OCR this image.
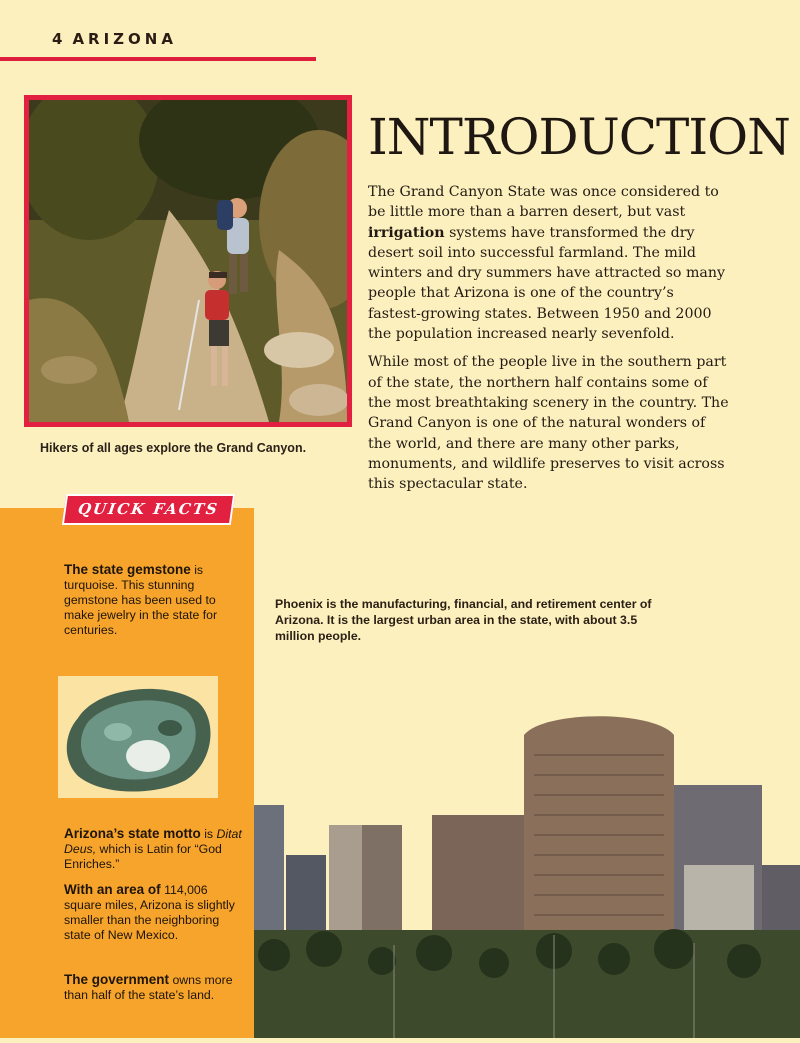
4 ARIZONA
Hikers of all ages explore the Grand Canyon.
INTRODUCTION

The Grand Canyon State was once considered to be little more than a barren desert, but vast irrigation systems have transformed the dry desert soil into successful farmland. The mild winters and dry summers have attracted so many people that Arizona is one of the country’s fastest-growing states. Between 1950 and 2000 the population increased nearly sevenfold.

While most of the people live in the southern part of the state, the northern half contains some of the most breathtaking scenery in the country. The Grand Canyon is one of the natural wonders of the world, and there are many other parks, monuments, and wildlife preserves to visit across this spectacular state.

QUICK FACTS
The state gemstone is turquoise. This stunning gemstone has been used to make jewelry in the state for centuries.
Arizona’s state motto is Ditat Deus, which is Latin for “God Enriches.”
With an area of 114,006 square miles, Arizona is slightly smaller than the neighboring state of New Mexico.
The government owns more than half of the state’s land.
Phoenix is the manufacturing, financial, and retirement center of Arizona. It is the largest urban area in the state, with about 3.5 million people.
